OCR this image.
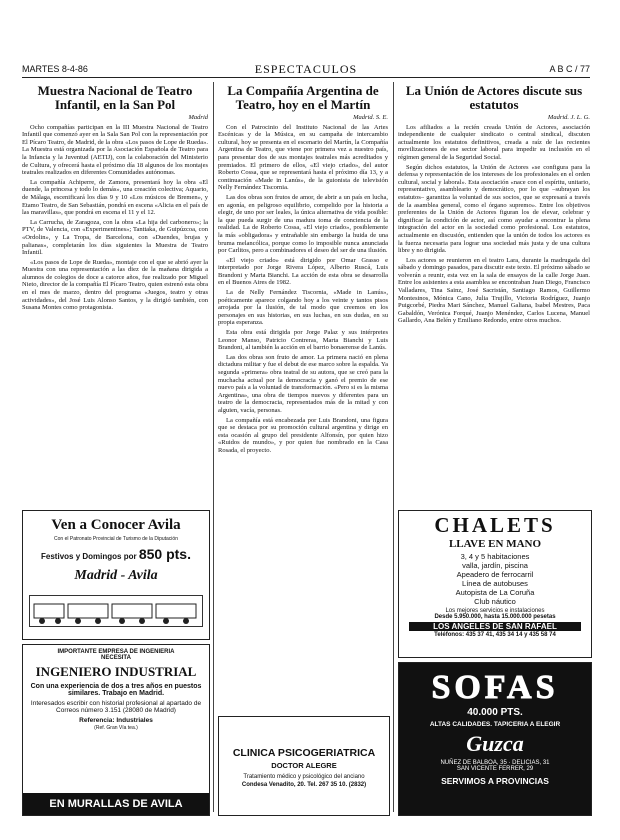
MARTES 8-4-86	ESPECTACULOS	A B C / 77

Muestra Nacional de Teatro Infantil, en la San Pol

Madrid

Ocho compañías participan en la III Muestra Nacional de Teatro Infantil que comenzó ayer en la Sala San Pol con la representación por El Pícaro Teatro, de Madrid, de la obra «Los pasos de Lope de Rueda». La Muestra está organizada por la Asociación Española de Teatro para la Infancia y la Juventud (AETIJ), con la colaboración del Ministerio de Cultura, y ofrecerá hasta el próximo día 18 algunos de los montajes teatrales realizados en diferentes Comunidades autónomas.

La compañía Achiperre, de Zamora, presentará hoy la obra «El duende, la princesa y todo lo demás», una creación colectiva; Aquario, de Málaga, escenificará los días 9 y 10 «Los músicos de Bremen», y Etamo Teatro, de San Sebastián, pondrá en escena «Alicia en el país de las maravillas», que pondrá en escena el 11 y el 12.

La Carrucha, de Zaragoza, con la obra «La hija del carbonero»; la PTV, de Valencia, con «Experimentines»; Tanttaka, de Guipúzcoa, con «Ordolin», y La Tropa, de Barcelona, con «Duendes, brujas y palianas», completarán los días siguientes la Muestra de Teatro Infantil.

«Los pasos de Lope de Rueda», montaje con el que se abrió ayer la Muestra con una representación a las diez de la mañana dirigida a alumnos de colegios de doce a catorce años, fue realizado por Miguel Nieto, director de la compañía El Pícaro Teatro, quien estrenó esta obra en el mes de marzo, dentro del programa «Juegos, teatro y otras actividades», del José Luis Alonso Santos, y la dirigió también, con Susana Montes como protagonista.

La Compañía Argentina de Teatro, hoy en el Martín

Madrid. S. E.

Con el Patrocinio del Instituto Nacional de las Artes Escénicas y de la Música, en su campaña de intercambio cultural, hoy se presenta en el escenario del Martín, la Compañía Argentina de Teatro, que viene por primera vez a nuestro país, para presentar dos de sus montajes teatrales más acreditados y premiados. El primero de ellos, «El viejo criado», del autor Roberto Cossa, que se representará hasta el próximo día 13, y a continuación «Made in Lanús», de la guionista de televisión Nelly Fernández Tiscornia.

Las dos obras son frutos de amor, de abrir a un país en lucha, en agonía, en peligroso equilibrio, compelido por la historia a elegir, de uno por ser leales, la única alternativa de vida posible: la que pueda surgir de una madura toma de conciencia de la realidad. La de Roberto Cossa, «El viejo criado», posiblemente la más «obligadora» y entrañable sin embargo la huida de una bruma melancólica, porque como lo imposible nunca anunciada por Carlitos, pero a combinadores el deseo del ser de una ilusión.

«El viejo criado» está dirigido por Omar Grasso e interpretado por Jorge Rivera López, Alberto Ruscá, Luis Brandoni y Marta Bianchi. La acción de esta obra se desarrolla en el Buenos Aires de 1982.

La de Nelly Fernández Tiscornia, «Made in Lanús», poéticamente aparece colgando hoy a los veinte y tantos pisos arrojada por la ilusión, de tal modo que creemos en los personajes en sus historias, en sus luchas, en sus dudas, en su propia esperanza.

Esta obra está dirigida por Jorge Palaz y sus intérpretes Leonor Manso, Patricio Contreras, Marta Bianchi y Luis Brandoni, al también la acción en el barrio bonaerense de Lanús.

Las dos obras son fruto de amor. La primera nació en plena dictadura militar y fue el debut de ese marco sobre la espalda. Ya segunda «primera» obra teatral de su autora, que se creó para la muchacha actual por la democracia y ganó el premio de ese nuevo país a la voluntad de transformación. «Pero si es la misma Argentina», una obra de tiempos nuevos y diferentes para un teatro de la democracia, representados más de la mitad y con alguien, vacía, personas.

La compañía está encabezada por Luis Brandoni, una figura que se destaca por su promoción cultural argentina y dirige en esta ocasión al grupo del presidente Alfonsín, por quien hizo «Ruidos de mundo», y por quien fue nombrado en la Casa Rosada, el proyecto.

La Unión de Actores discute sus estatutos

Madrid. J. L. G.

Los afiliados a la recién creada Unión de Actores, asociación independiente de cualquier sindicato o central sindical, discuten actualmente los estatutos definitivos, creada a raíz de las recientes movilizaciones de ese sector laboral para impedir su inclusión en el régimen general de la Seguridad Social.

Según dichos estatutos, la Unión de Actores «se configura para la defensa y representación de los intereses de los profesionales en el orden cultural, social y laboral». Esta asociación «nace con el espíritu, unitario, representativo, asambleario y democrático, por lo que –subrayan los estatutos– garantiza la voluntad de sus socios, que se expresará a través de la asamblea general, como el órgano supremo». Entre los objetivos preferentes de la Unión de Actores figuran los de elevar, celebrar y dignificar la condición de actor, así como ayudar a encontrar la plena integración del actor en la sociedad como profesional. Los estatutos, actualmente en discusión, entienden que la unión de todos los actores es la fuerza necesaria para lograr una sociedad más justa y de una cultura libre y no dirigida.

Los actores se reunieron en el teatro Lara, durante la madrugada del sábado y domingo pasados, para discutir este texto. El próximo sábado se volverán a reunir, esta vez en la sala de ensayos de la calle Jorge Juan. Entre los asistentes a esta asamblea se encontraban Juan Diego, Francisco Valladares, Tina Sainz, José Sacristán, Santiago Ramos, Guillermo Montesinos, Mónica Cano, Julia Trujillo, Victoria Rodríguez, Juanjo Puigcorbé, Piedra Mari Sánchez, Manuel Galiana, Isabel Mestres, Paca Gabaldón, Verónica Forqué, Juanjo Menéndez, Carlos Lucena, Manuel Gallardo, Ana Belén y Emiliano Redondo, entre otros muchos.

Ven a Conocer Avila
Con el Patronato Provincial de Turismo de la Diputación
Festivos y Domingos por 850 pts.
Madrid - Avila
IMPORTANTE EMPRESA DE INGENIERIA NECESITA
INGENIERO INDUSTRIAL
Con una experiencia de dos a tres años en puestos similares. Trabajo en Madrid.
Interesados escribir con historial profesional al apartado de Correos número 3.151 (28080 de Madrid)
Referencia: Industriales
(Ref. Gran Vía tea.)
EN MURALLAS DE AVILA
CLINICA PSICOGERIATRICA
DOCTOR ALEGRE
Tratamiento médico y psicológico del anciano
Condesa Venadito, 20. Tel. 267 35 10. (2832)
CHALETS
LLAVE EN MANO
3, 4 y 5 habitaciones
valla, jardín, piscina
Apeadero de ferrocarril
Línea de autobuses
Autopista de La Coruña
Club náutico
Los mejores servicios e instalaciones
Desde 5.950.000, hasta 15.000.000 pesetas
LOS ANGELES DE SAN RAFAEL
Teléfonos: 435 37 41, 435 34 14 y 435 58 74
SOFAS
40.000 PTS.
ALTAS CALIDADES. TAPICERIA A ELEGIR
Guzca
NUÑEZ DE BALBOA, 35 · DELICIAS, 31
SAN VICENTE FERRER, 29
SERVIMOS A PROVINCIAS
